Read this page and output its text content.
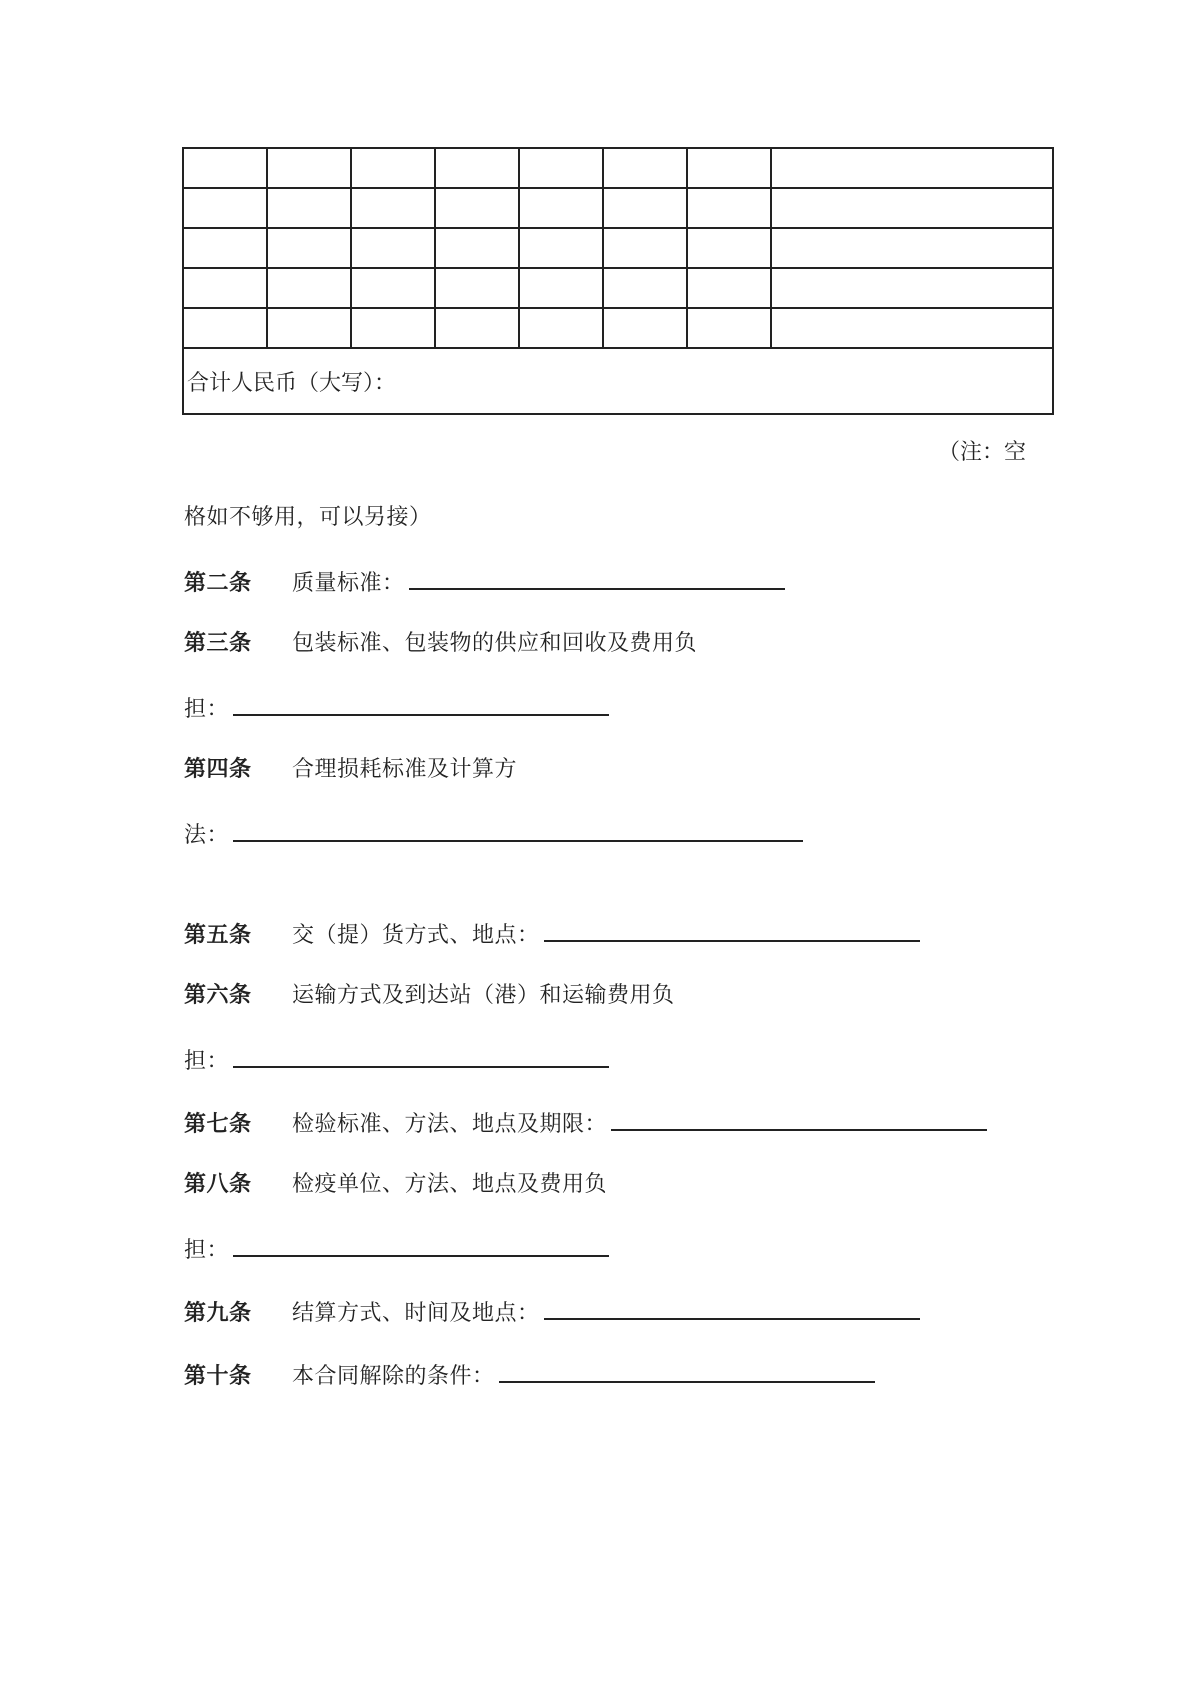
合计人民币（大写）：							
（注：空
格如不够用，可以另接）
第二条 质量标准：
第三条 包装标准、包装物的供应和回收及费用负
担：
第四条 合理损耗标准及计算方
法：
第五条 交（提）货方式、地点：
第六条 运输方式及到达站（港）和运输费用负
担：
第七条 检验标准、方法、地点及期限：
第八条 检疫单位、方法、地点及费用负
担：
第九条 结算方式、时间及地点：
第十条 本合同解除的条件：
